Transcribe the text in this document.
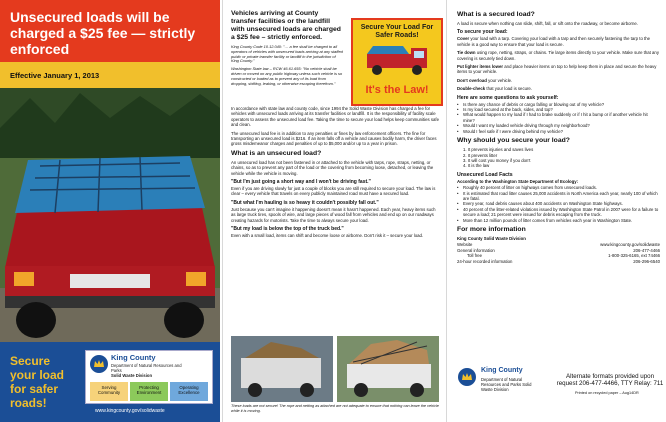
Unsecured loads will be charged a $25 fee — strictly enforced
Effective January 1, 2013
Secure your load for safer roads!
King County
Department of Natural Resources and Parks
Solid Waste Division
Serving Community
Protecting Environment
Operating Excellence
www.kingcounty.gov/solidwaste
Vehicles arriving at County transfer facilities or the landfill with unsecured loads are charged a $25 fee – strictly enforced.
King County Code 10.12.040: "… a fee shall be charged to all operators of vehicles with unsecured loads arriving at any staffed public or private transfer facility or landfill in the jurisdiction of King County."
Washington State law – RCW 46.61.655: "No vehicle shall be driven or moved on any public highway unless such vehicle is so constructed or loaded as to prevent any of its load from dropping, shifting, leaking, or otherwise escaping therefrom."
Secure Your Load For Safer Roads!
It's the Law!
In accordance with state law and county code, since 1994 the Solid Waste Division has charged a fee for vehicles with unsecured loads arriving at its transfer facilities or landfill. It is the responsibility of facility scale operators to assess the unsecured load fee. Taking the time to secure your load helps keep communities safe and clean.
The unsecured load fee is in addition to any penalties or fines by law enforcement officers. The fine for transporting an unsecured load is $216. If an item falls off a vehicle and causes bodily harm, the driver faces gross misdemeanor charges and penalties of up to $5,000 and/or up to a year in prison.
What is an unsecured load?
An unsecured load has not been fastened in or attached to the vehicle with tarps, rope, straps, netting, or chains, so as to prevent any part of the load or the covering from becoming loose, detached, or leaving the vehicle while the vehicle is moving.
"But I'm just going a short way and I won't be driving fast."
Even if you are driving slowly for just a couple of blocks you are still required to secure your load. The law is clear – every vehicle that travels on every publicly maintained road must have a secured load.
"But what I'm hauling is so heavy it couldn't possibly fall out."
Just because you can't imagine it happening doesn't mean it hasn't happened. Each year, heavy items such as large truck tires, spools of wire, and large pieces of wood fall from vehicles and end up on our roadways creating hazards for motorists. Take the time to always secure your load.
"But my load is below the top of the truck bed."
Even with a small load, items can shift and become loose or airborne. Don't risk it – secure your load.
These loads are not secure! The rope and netting as attached are not adequate to ensure that nothing can leave the vehicle while it is moving.
What is a secured load?
A load is secure when nothing can slide, shift, fall, or sift onto the roadway, or become airborne.
To secure your load:
Cover your load with a tarp. Covering your load with a tarp and then securely fastening the tarp to the vehicle is a good way to ensure that your load is secure.
Tie down using rope, netting, straps, or chains. Tie large items directly to your vehicle. Make sure that any covering is securely tied down.
Put lighter items lower and place heavier items on top to help keep them in place and secure the heavy items to your vehicle.
Don't overload your vehicle.
Double-check that your load is secure.
Here are some questions to ask yourself:
• Is there any chance of debris or cargo falling or blowing out of my vehicle?
• Is my load secured at the back, sides, and top?
• What would happen to my load if I had to brake suddenly or if I hit a bump or if another vehicle hit mine?
• Would I want my loaded vehicle driving through my neighborhood?
• Would I feel safe if I were driving behind my vehicle?
Why should you secure your load?
1. It prevents injuries and saves lives
2. It prevents litter
3. It will cost you money if you don't
4. It is the law
Unsecured Load Facts
According to the Washington State Department of Ecology:
• Roughly 40 percent of litter on highways comes from unsecured loads.
• It is estimated that road litter causes 25,000 accidents in North America each year, nearly 100 of which are fatal.
• Every year, road debris causes about 400 accidents on Washington State highways.
• 40 percent of the litter-related violations issued by Washington State Patrol in 2007 were for a failure to secure a load; 21 percent were issued for debris escaping from the truck.
• More than 12 million pounds of litter comes from vehicles each year in Washington State.
For more information
King County Solid Waste Division
Website	www.kingcounty.gov/solidwaste
General information	206-477-4466
Toll free	1-800-325-6165, ext 74466
24-hour recorded information	206-296-6540
King County
Department of Natural Resources and Parks Solid Waste Division
Alternate formats provided upon request 206-477-4466, TTY Relay: 711
Printed on recycled paper – Aug14DR
